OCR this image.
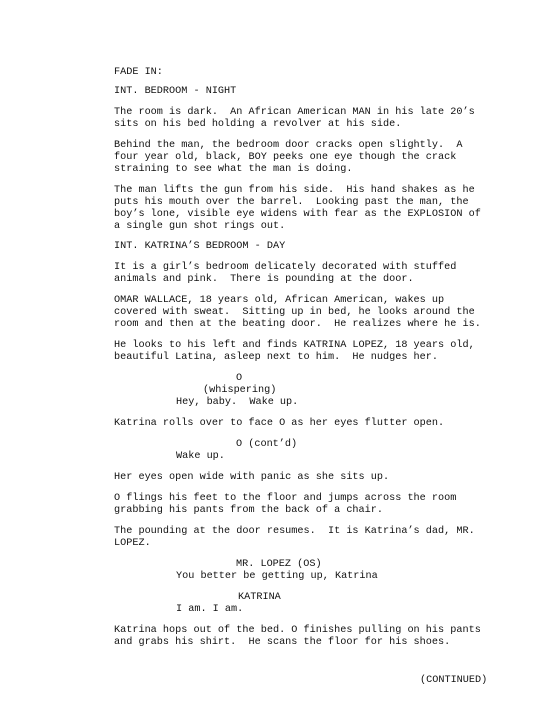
FADE IN:
INT. BEDROOM - NIGHT
The room is dark.  An African American MAN in his late 20’s
sits on his bed holding a revolver at his side.
Behind the man, the bedroom door cracks open slightly.  A
four year old, black, BOY peeks one eye though the crack
straining to see what the man is doing.
The man lifts the gun from his side.  His hand shakes as he
puts his mouth over the barrel.  Looking past the man, the
boy’s lone, visible eye widens with fear as the EXPLOSION of
a single gun shot rings out.
INT. KATRINA’S BEDROOM - DAY
It is a girl’s bedroom delicately decorated with stuffed
animals and pink.  There is pounding at the door.
OMAR WALLACE, 18 years old, African American, wakes up
covered with sweat.  Sitting up in bed, he looks around the
room and then at the beating door.  He realizes where he is.
He looks to his left and finds KATRINA LOPEZ, 18 years old,
beautiful Latina, asleep next to him.  He nudges her.
O
(whispering)
Hey, baby.  Wake up.
Katrina rolls over to face O as her eyes flutter open.
O (cont’d)
Wake up.
Her eyes open wide with panic as she sits up.
O flings his feet to the floor and jumps across the room
grabbing his pants from the back of a chair.
The pounding at the door resumes.  It is Katrina’s dad, MR.
LOPEZ.
MR. LOPEZ (OS)
You better be getting up, Katrina
KATRINA
I am. I am.
Katrina hops out of the bed. O finishes pulling on his pants
and grabs his shirt.  He scans the floor for his shoes.
(CONTINUED)
